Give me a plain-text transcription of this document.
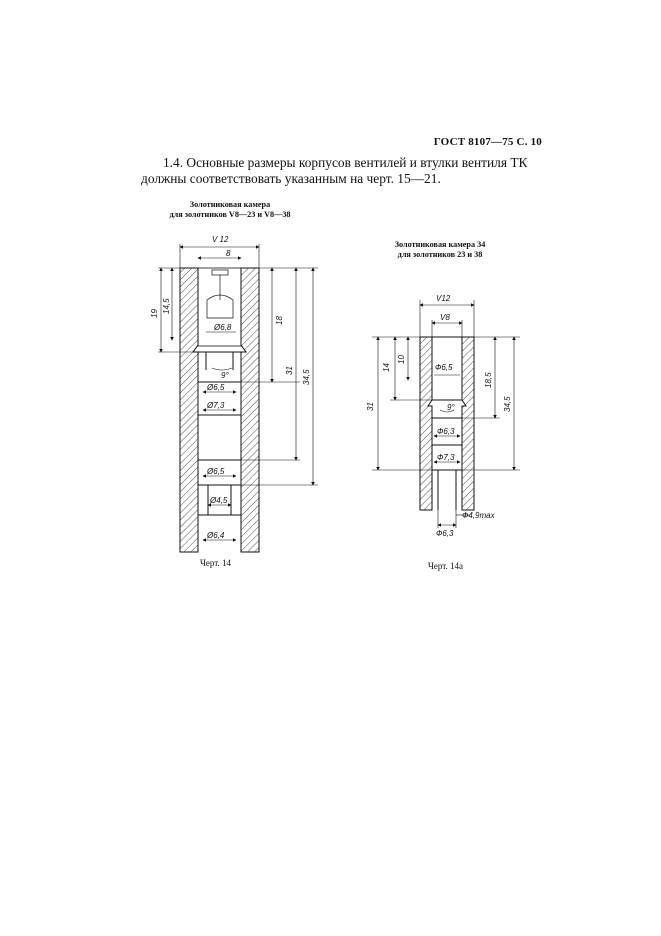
ГОСТ 8107—75 С. 10

1.4. Основные размеры корпусов вентилей и втулки вентиля ТК должны соответствовать указанным на черт. 15—21.

Золотниковая камера
для золотников V8—23 и V8—38
Золотниковая камера 34
для золотников 23 и 38
V 12
8
Ø6,8
9°
Ø6,5
Ø7,3
Ø6,5
Ø4,5
Ø6,4
19 14,5
18
31 34,5
V12
V8
Ф6,5
9°
Ф6,3
Ф7,3
Ф4,9max
Ф6,3
14
10
31
18,5
34,5
Черт. 14	Черт. 14а
